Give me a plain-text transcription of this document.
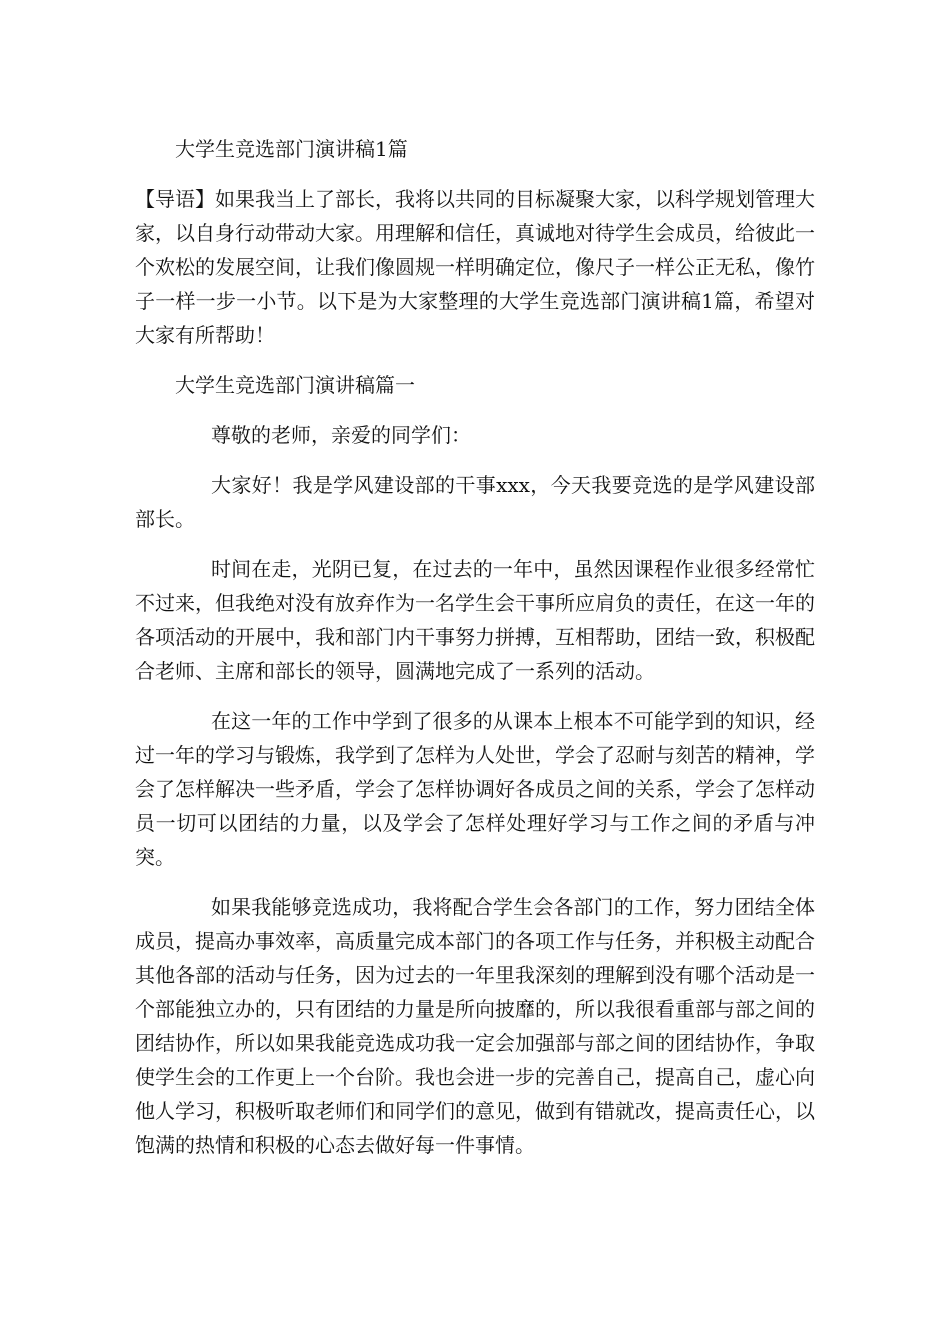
大学生竞选部门演讲稿1篇

【导语】如果我当上了部长，我将以共同的目标凝聚大家，以科学规划管理大家，以自身行动带动大家。用理解和信任，真诚地对待学生会成员，给彼此一个欢松的发展空间，让我们像圆规一样明确定位，像尺子一样公正无私，像竹子一样一步一小节。以下是为大家整理的大学生竞选部门演讲稿1篇，希望对大家有所帮助！

大学生竞选部门演讲稿篇一

尊敬的老师，亲爱的同学们：

大家好！我是学风建设部的干事xxx，今天我要竞选的是学风建设部部长。

时间在走，光阴已复，在过去的一年中，虽然因课程作业很多经常忙不过来，但我绝对没有放弃作为一名学生会干事所应肩负的责任，在这一年的各项活动的开展中，我和部门内干事努力拼搏，互相帮助，团结一致，积极配合老师、主席和部长的领导，圆满地完成了一系列的活动。

在这一年的工作中学到了很多的从课本上根本不可能学到的知识，经过一年的学习与锻炼，我学到了怎样为人处世，学会了忍耐与刻苦的精神，学会了怎样解决一些矛盾，学会了怎样协调好各成员之间的关系，学会了怎样动员一切可以团结的力量，以及学会了怎样处理好学习与工作之间的矛盾与冲突。

如果我能够竞选成功，我将配合学生会各部门的工作，努力团结全体成员，提高办事效率，高质量完成本部门的各项工作与任务，并积极主动配合其他各部的活动与任务，因为过去的一年里我深刻的理解到没有哪个活动是一个部能独立办的，只有团结的力量是所向披靡的，所以我很看重部与部之间的团结协作，所以如果我能竞选成功我一定会加强部与部之间的团结协作，争取使学生会的工作更上一个台阶。我也会进一步的完善自己，提高自己，虚心向他人学习，积极听取老师们和同学们的意见，做到有错就改，提高责任心，以饱满的热情和积极的心态去做好每一件事情。
